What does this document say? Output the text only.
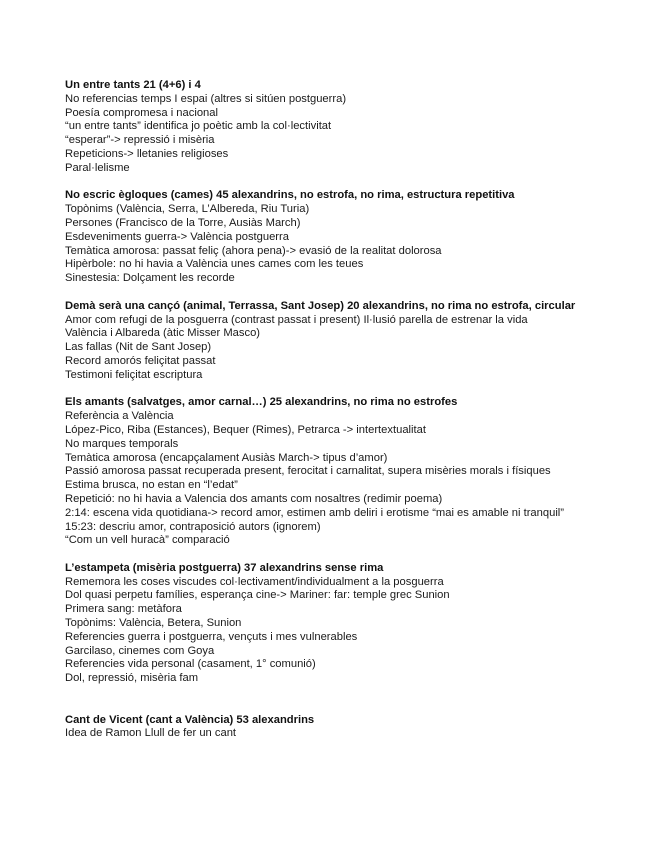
Un entre tants 21 (4+6) i 4

No referencias temps I espai (altres si sitúen postguerra)

Poesía compromesa i nacional

“un entre tants” identifica jo poètic amb la col·lectivitat

“esperar”-> repressió i misèria

Repeticions-> lletanies religioses

Paral·lelisme

No escric ègloques (cames) 45 alexandrins, no estrofa, no rima, estructura repetitiva

Topònims (València, Serra, L’Albereda, Riu Turia)

Persones (Francisco de la Torre, Ausiàs March)

Esdeveniments guerra-> València postguerra

Temàtica amorosa: passat feliç (ahora pena)-> evasió de la realitat dolorosa

Hipèrbole: no hi havia a València unes cames com les teues

Sinestesia: Dolçament les recorde

Demà serà una cançó (animal, Terrassa, Sant Josep) 20 alexandrins, no rima no estrofa, circular

Amor com refugi de la posguerra (contrast passat i present) Il·lusió parella de estrenar la vida

València i Albareda (àtic Misser Masco)

Las fallas (Nit de Sant Josep)

Record amorós feliçitat passat

Testimoni feliçitat escriptura

Els amants (salvatges, amor carnal…) 25 alexandrins, no rima no estrofes

Referència a València

López-Pico, Riba (Estances), Bequer (Rimes), Petrarca -> intertextualitat

No marques temporals

Temàtica amorosa (encapçalament Ausiàs March-> tipus d’amor)

Passió amorosa passat recuperada present, ferocitat i carnalitat, supera misèries morals i físiques

Estima brusca, no estan en “l’edat”

Repetició: no hi havia a Valencia dos amants com nosaltres (redimir poema)

2:14: escena vida quotidiana-> record amor, estimen amb deliri i erotisme “mai es amable ni tranquil”

15:23: descriu amor, contraposició autors (ignorem)

“Com un vell huracà” comparació

L’estampeta (misèria postguerra) 37 alexandrins sense rima

Rememora les coses viscudes col·lectivament/individualment a la posguerra

Dol quasi perpetu famílies, esperança cine-> Mariner: far: temple grec Sunion

Primera sang: metàfora

Topònims: València, Betera, Sunion

Referencies guerra i postguerra, vençuts i mes vulnerables

Garcilaso, cinemes com Goya

Referencies vida personal (casament, 1° comunió)

Dol, repressió, misèria fam

Cant de Vicent (cant a València) 53 alexandrins

Idea de Ramon Llull de fer un cant
